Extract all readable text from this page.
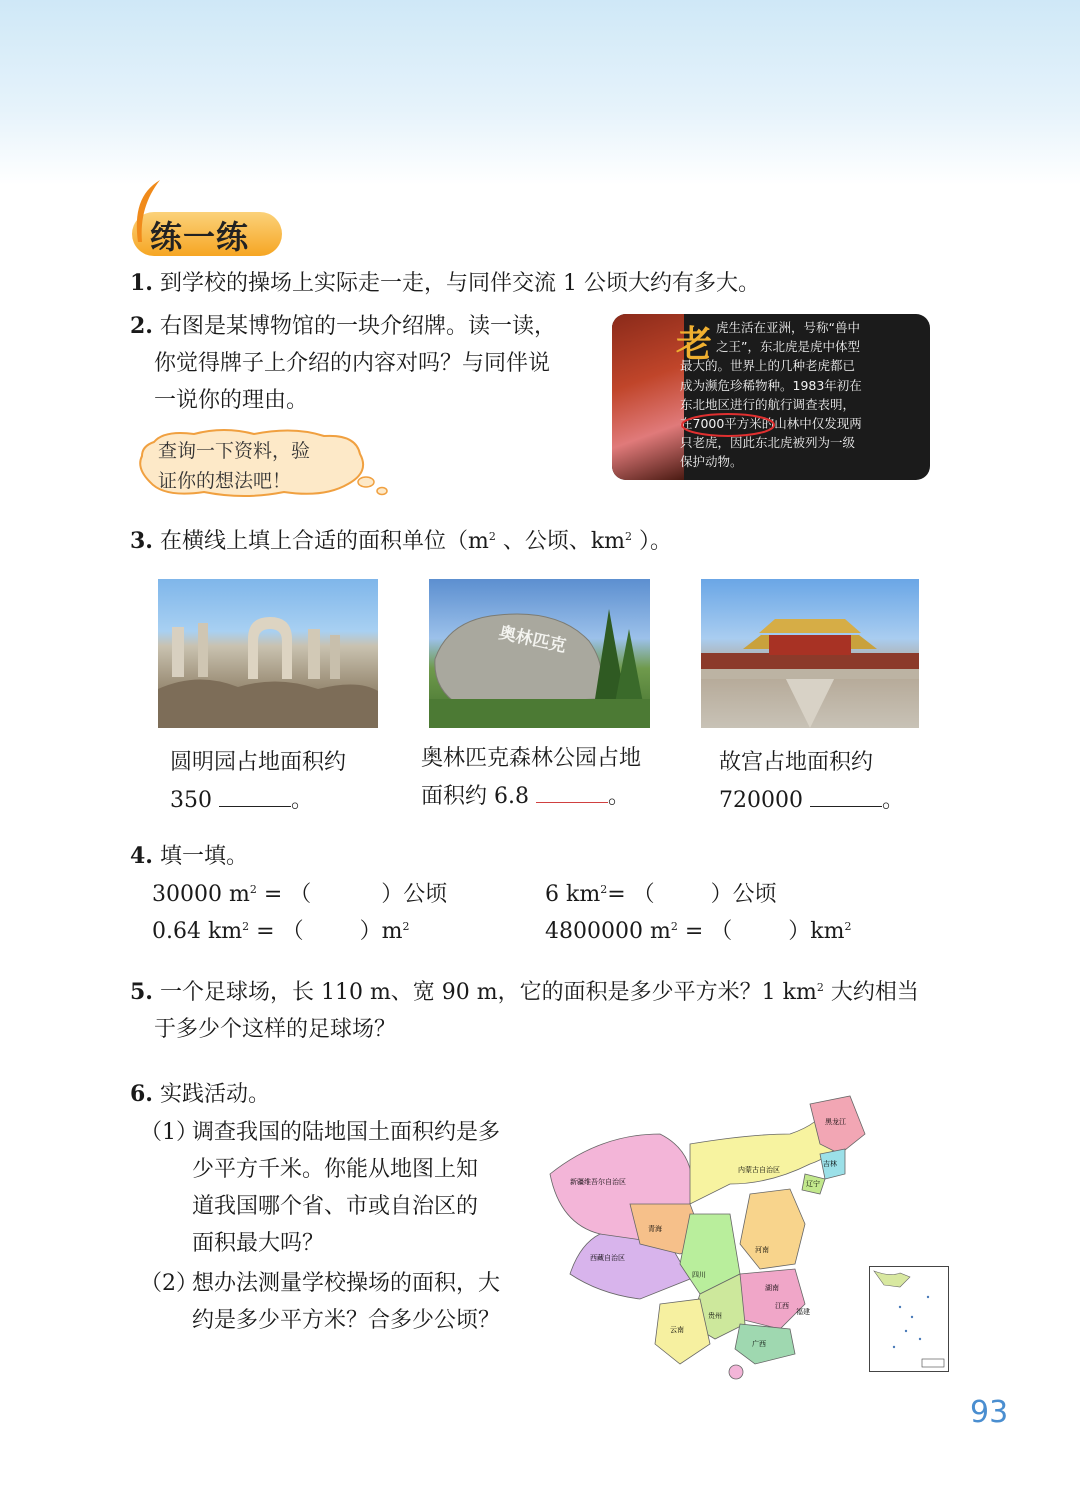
练一练
1. 到学校的操场上实际走一走，与同伴交流 1 公顷大约有多大。
2. 右图是某博物馆的一块介绍牌。读一读，
你觉得牌子上介绍的内容对吗？与同伴说
一说你的理由。
查询一下资料，验
证你的想法吧！
老 虎生活在亚洲，号称“兽中
之王”，东北虎是虎中体型
最大的。世界上的几种老虎都已
成为濒危珍稀物种。1983年初在
东北地区进行的航行调查表明，
在7000平方米的山林中仅发现两
只老虎，因此东北虎被列为一级
保护动物。
3. 在横线上填上合适的面积单位（$m^2$ 、公顷、$km^2$ ）。
圆明园占地面积约
350	。
奥林匹克
奥林匹克森林公园占地
面积约 6.8	。
故宫占地面积约
720000	。
4. 填一填。
30000 $m^2$ = （	）公顷	6 $km^2=$ （	）公顷
0.64 $km^2$ = （	）$m^2$	4800000 $m^2$ = （	）$km^2$
5. 一个足球场，长 110 m、宽 90 m，它的面积是多少平方米？1 $km^2$ 大约相当
于多少个这样的足球场？
6. 实践活动。
（1）
调查我国的陆地国土面积约是多
少平方千米。你能从地图上知
道我国哪个省、市或自治区的
面积最大吗？
（2）
想办法测量学校操场的面积，大
约是多少平方米？合多少公顷？
新疆维吾尔自治区
西藏自治区
青海
四川
内蒙古自治区
黑龙江
吉林
辽宁
河南
湖南
贵州
云南
广西
江西
福建
93
